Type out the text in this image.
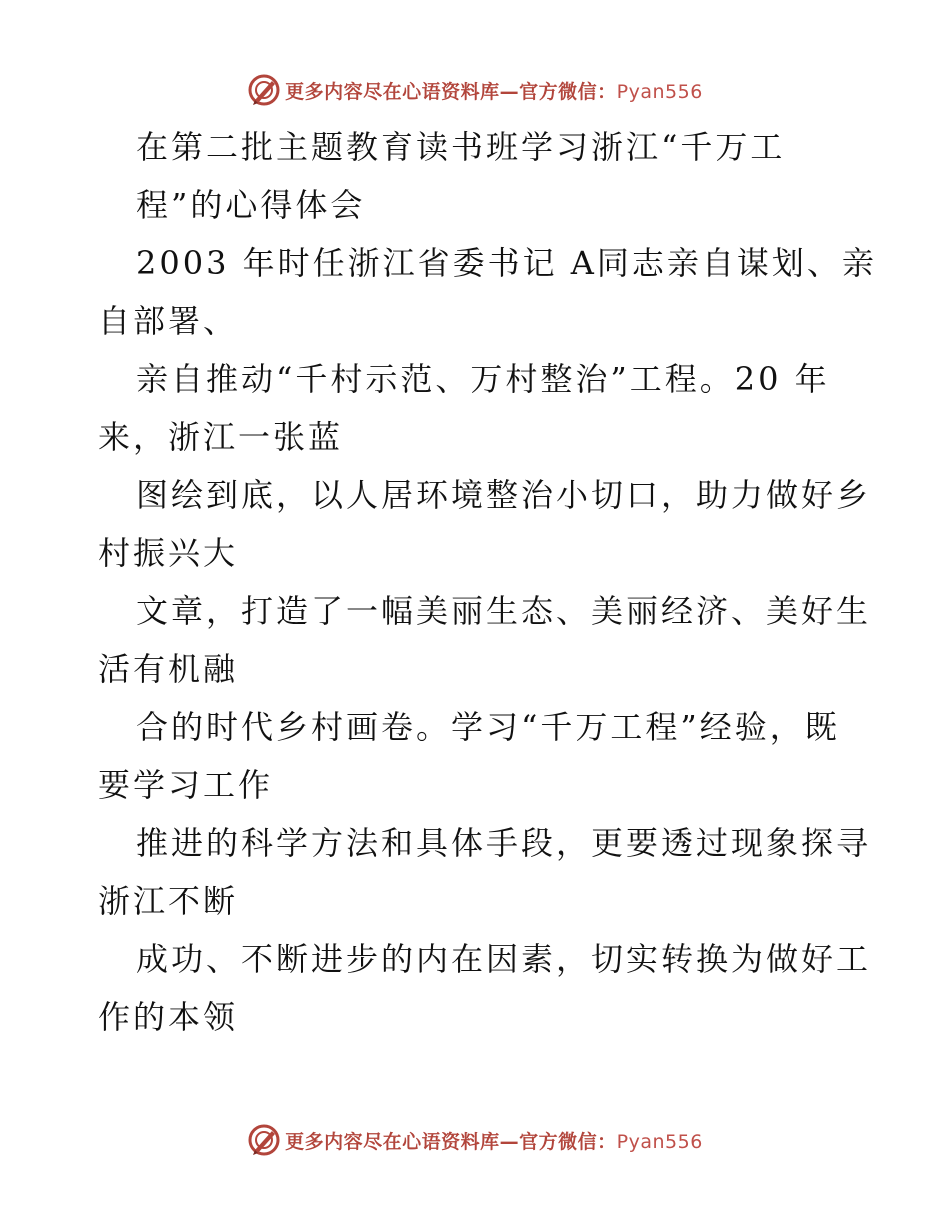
更多内容尽在心语资料库—官方微信：Pyan556
在第二批主题教育读书班学习浙江“千万工
程”的心得体会
2003 年时任浙江省委书记 A同志亲自谋划、亲
自部署、
亲自推动“千村示范、万村整治”工程。20 年
来，浙江一张蓝
图绘到底，以人居环境整治小切口，助力做好乡
村振兴大
文章，打造了一幅美丽生态、美丽经济、美好生
活有机融
合的时代乡村画卷。学习“千万工程”经验，既
要学习工作
推进的科学方法和具体手段，更要透过现象探寻
浙江不断
成功、不断进步的内在因素，切实转换为做好工
作的本领
更多内容尽在心语资料库—官方微信：Pyan556
